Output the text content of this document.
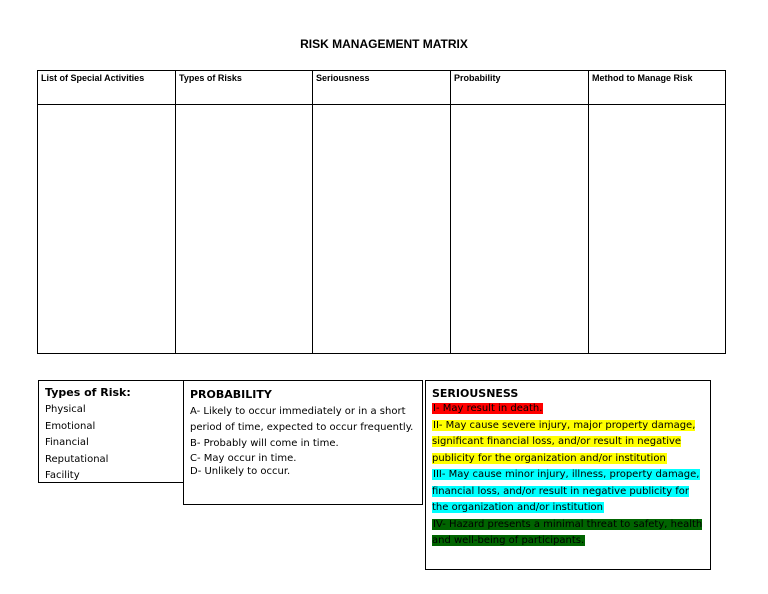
RISK MANAGEMENT MATRIX
List of Special Activities	Types of Risks	Seriousness	Probability	Method to Manage Risk

Types of Risk:
Physical
Emotional
Financial
Reputational
Facility
PROBABILITY
A- Likely to occur immediately or in a short period of time, expected to occur frequently.
B- Probably will come in time.
C- May occur in time.
D- Unlikely to occur.
SERIOUSNESS
I- May result in death.
II- May cause severe injury, major property damage, significant financial loss, and/or result in negative publicity for the organization and/or institution
III- May cause minor injury, illness, property damage, financial loss, and/or result in negative publicity for the organization and/or institution
IV- Hazard presents a minimal threat to safety, health and well-being of participants.
